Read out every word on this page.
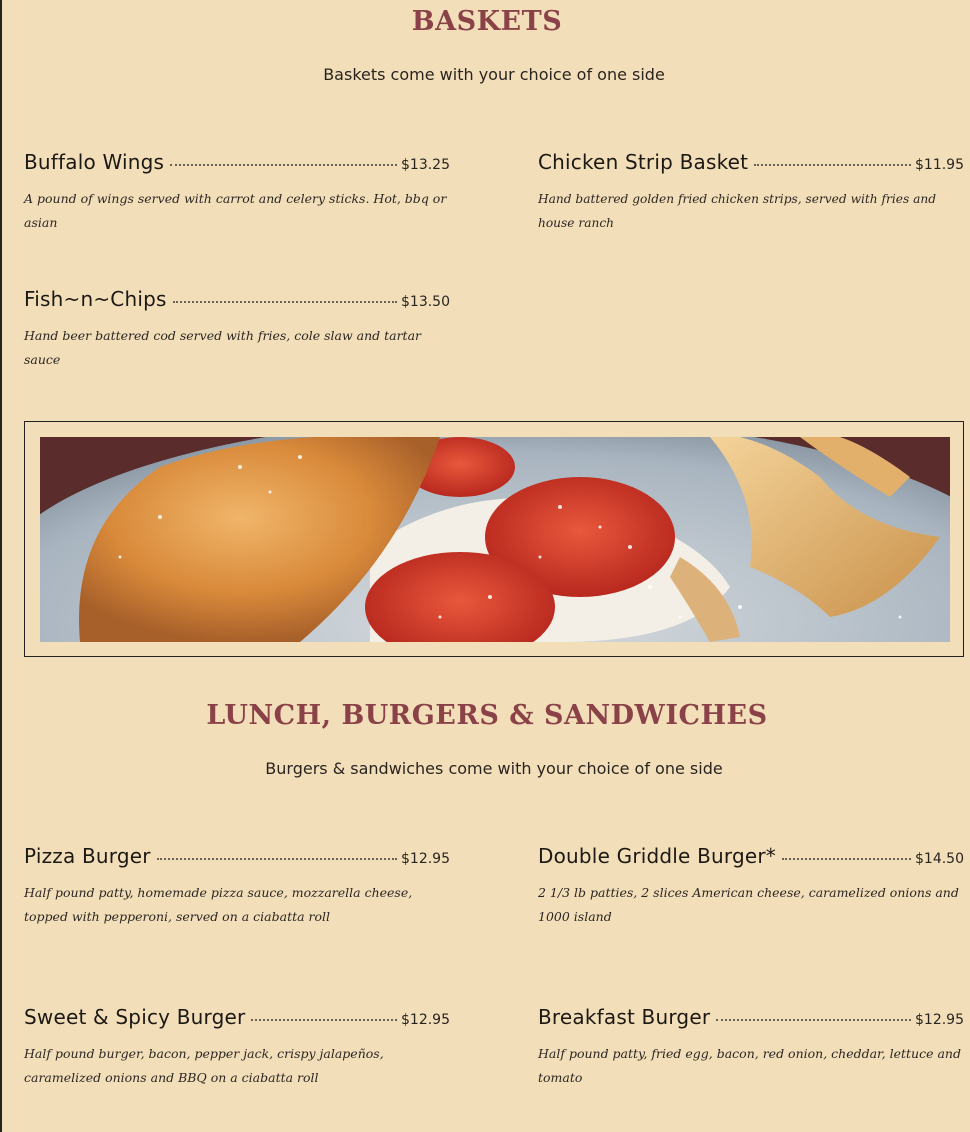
BASKETS
Baskets come with your choice of one side
Buffalo Wings	$13.25
A pound of wings served with carrot and celery sticks. Hot, bbq or asian
Chicken Strip Basket	$11.95
Hand battered golden fried chicken strips, served with fries and house ranch
Fish~n~Chips	$13.50
Hand beer battered cod served with fries, cole slaw and tartar sauce
LUNCH, BURGERS & SANDWICHES
Burgers & sandwiches come with your choice of one side
Pizza Burger	$12.95
Half pound patty, homemade pizza sauce, mozzarella cheese, topped with pepperoni, served on a ciabatta roll
Double Griddle Burger*	$14.50
2 1/3 lb patties, 2 slices American cheese, caramelized onions and 1000 island
Sweet & Spicy Burger	$12.95
Half pound burger, bacon, pepper jack, crispy jalapeños, caramelized onions and BBQ on a ciabatta roll
Breakfast Burger	$12.95
Half pound patty, fried egg, bacon, red onion, cheddar, lettuce and tomato
